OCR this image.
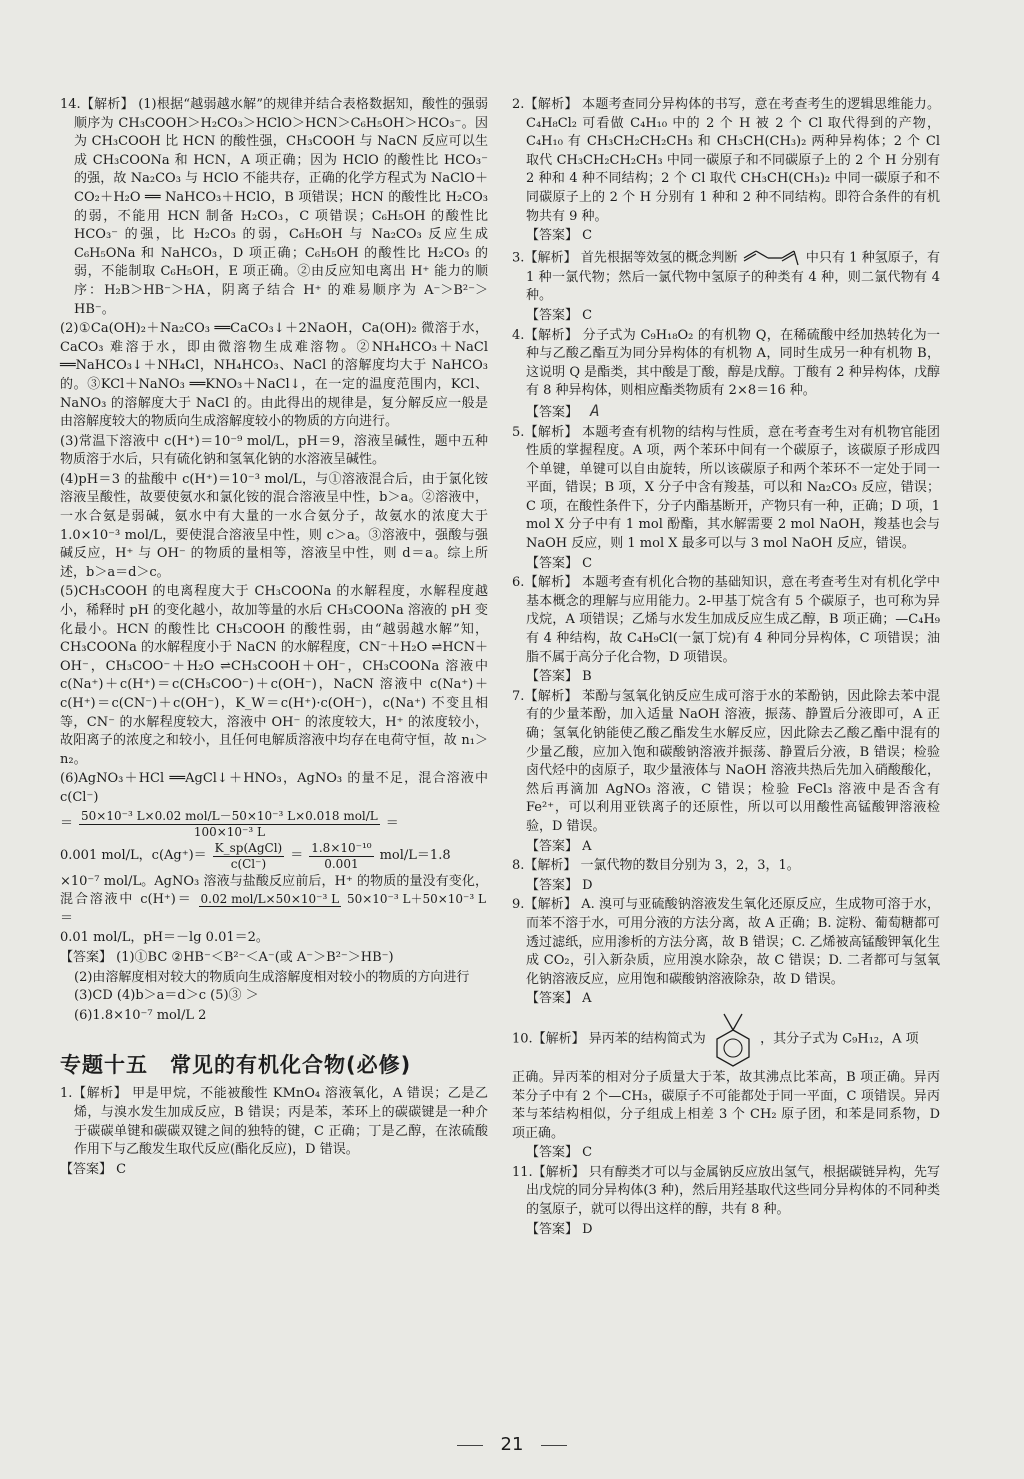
14.【解析】 (1)根据“越弱越水解”的规律并结合表格数据知，酸性的强弱顺序为 CH₃COOH＞H₂CO₃＞HClO＞HCN＞C₆H₅OH＞HCO₃⁻。因为 CH₃COOH 比 HCN 的酸性强，CH₃COOH 与 NaCN 反应可以生成 CH₃COONa 和 HCN，A 项正确；因为 HClO 的酸性比 HCO₃⁻ 的强，故 Na₂CO₃ 与 HClO 不能共存，正确的化学方程式为 NaClO＋CO₂＋H₂O ══ NaHCO₃＋HClO，B 项错误；HCN 的酸性比 H₂CO₃ 的弱，不能用 HCN 制备 H₂CO₃，C 项错误；C₆H₅OH 的酸性比 HCO₃⁻ 的强，比 H₂CO₃ 的弱，C₆H₅OH 与 Na₂CO₃ 反应生成 C₆H₅ONa 和 NaHCO₃，D 项正确；C₆H₅OH 的酸性比 H₂CO₃ 的弱，不能制取 C₆H₅OH，E 项正确。②由反应知电离出 H⁺ 能力的顺序：H₂B＞HB⁻＞HA，阴离子结合 H⁺ 的难易顺序为 A⁻＞B²⁻＞HB⁻。
(2)①Ca(OH)₂＋Na₂CO₃ ══CaCO₃↓＋2NaOH，Ca(OH)₂ 微溶于水，CaCO₃ 难溶于水，即由微溶物生成难溶物。②NH₄HCO₃＋NaCl ══NaHCO₃↓＋NH₄Cl，NH₄HCO₃、NaCl 的溶解度均大于 NaHCO₃ 的。③KCl＋NaNO₃ ══KNO₃＋NaCl↓，在一定的温度范围内，KCl、NaNO₃ 的溶解度大于 NaCl 的。由此得出的规律是，复分解反应一般是由溶解度较大的物质向生成溶解度较小的物质的方向进行。
(3)常温下溶液中 c(H⁺)＝10⁻⁹ mol/L，pH＝9，溶液呈碱性，题中五种物质溶于水后，只有硫化钠和氢氧化钠的水溶液呈碱性。
(4)pH＝3 的盐酸中 c(H⁺)＝10⁻³ mol/L，与①溶液混合后，由于氯化铵溶液呈酸性，故要使氨水和氯化铵的混合溶液呈中性，b＞a。②溶液中，一水合氨是弱碱，氨水中有大量的一水合氨分子，故氨水的浓度大于 1.0×10⁻³ mol/L，要使混合溶液呈中性，则 c＞a。③溶液中，强酸与强碱反应，H⁺ 与 OH⁻ 的物质的量相等，溶液呈中性，则 d＝a。综上所述，b＞a＝d＞c。
(5)CH₃COOH 的电离程度大于 CH₃COONa 的水解程度，水解程度越小，稀释时 pH 的变化越小，故加等量的水后 CH₃COONa 溶液的 pH 变化最小。HCN 的酸性比 CH₃COOH 的酸性弱，由“越弱越水解”知，CH₃COONa 的水解程度小于 NaCN 的水解程度，CN⁻＋H₂O ⇌HCN＋OH⁻，CH₃COO⁻＋H₂O ⇌CH₃COOH＋OH⁻，CH₃COONa 溶液中 c(Na⁺)＋c(H⁺)＝c(CH₃COO⁻)＋c(OH⁻)，NaCN 溶液中 c(Na⁺)＋c(H⁺)＝c(CN⁻)＋c(OH⁻)，K_W＝c(H⁺)·c(OH⁻)，c(Na⁺) 不变且相等，CN⁻ 的水解程度较大，溶液中 OH⁻ 的浓度较大，H⁺ 的浓度较小，故阳离子的浓度之和较小，且任何电解质溶液中均存在电荷守恒，故 n₁＞n₂。
(6)AgNO₃＋HCl ══AgCl↓＋HNO₃，AgNO₃ 的量不足，混合溶液中 c(Cl⁻)
＝ $\frac{\text{50×10⁻³ L×0.02 mol/L－50×10⁻³ L×0.018 mol/L}}{\text{100×10⁻³ L}}$ ＝
0.001 mol/L，$c(Ag^+)= \frac{\text{K\_sp(AgCl)}}{c(Cl^-)} = \frac{\text{1.8×10⁻¹⁰}}{0.001} mol/L=1.8$
×10⁻⁷ mol/L。AgNO₃ 溶液与盐酸反应前后，H⁺ 的物质的量没有变化，混合溶液中 c(H⁺)＝ 0.02 mol/L×50×10⁻³ L 50×10⁻³ L＋50×10⁻³ L ＝
0.01 mol/L，pH＝－lg 0.01＝2。
【答案】 (1)①BC ②HB⁻＜B²⁻＜A⁻(或 A⁻＞B²⁻＞HB⁻)
(2)由溶解度相对较大的物质向生成溶解度相对较小的物质的方向进行 (3)CD (4)b＞a＝d＞c (5)③ ＞
(6)1.8×10⁻⁷ mol/L 2
专题十五　常见的有机化合物(必修)
1.【解析】 甲是甲烷，不能被酸性 KMnO₄ 溶液氧化，A 错误；乙是乙烯，与溴水发生加成反应，B 错误；丙是苯，苯环上的碳碳键是一种介于碳碳单键和碳碳双键之间的独特的键，C 正确；丁是乙醇，在浓硫酸作用下与乙酸发生取代反应(酯化反应)，D 错误。
【答案】 C
2.【解析】 本题考查同分异构体的书写，意在考查考生的逻辑思维能力。C₄H₈Cl₂ 可看做 C₄H₁₀ 中的 2 个 H 被 2 个 Cl 取代得到的产物，C₄H₁₀ 有 CH₃CH₂CH₂CH₃ 和 CH₃CH(CH₃)₂ 两种异构体；2 个 Cl 取代 CH₃CH₂CH₂CH₃ 中同一碳原子和不同碳原子上的 2 个 H 分别有 2 种和 4 种不同结构；2 个 Cl 取代 CH₃CH(CH₃)₂ 中同一碳原子和不同碳原子上的 2 个 H 分别有 1 种和 2 种不同结构。即符合条件的有机物共有 9 种。
【答案】 C
3.【解析】 首先根据等效氢的概念判断	中只有 1 种氢原子，有 1 种一氯代物；然后一氯代物中氢原子的种类有 4 种，则二氯代物有 4 种。
【答案】 C
4.【解析】 分子式为 C₉H₁₈O₂ 的有机物 Q，在稀硫酸中经加热转化为一种与乙酸乙酯互为同分异构体的有机物 A，同时生成另一种有机物 B，这说明 Q 是酯类，其中酸是丁酸，醇是戊醇。丁酸有 2 种异构体，戊醇有 8 种异构体，则相应酯类物质有 2×8＝16 种。
【答案】 A
5.【解析】 本题考查有机物的结构与性质，意在考查考生对有机物官能团性质的掌握程度。A 项，两个苯环中间有一个碳原子，该碳原子形成四个单键，单键可以自由旋转，所以该碳原子和两个苯环不一定处于同一平面，错误；B 项，X 分子中含有羧基，可以和 Na₂CO₃ 反应，错误；C 项，在酸性条件下，分子内酯基断开，产物只有一种，正确；D 项，1 mol X 分子中有 1 mol 酚酯，其水解需要 2 mol NaOH，羧基也会与 NaOH 反应，则 1 mol X 最多可以与 3 mol NaOH 反应，错误。
【答案】 C
6.【解析】 本题考查有机化合物的基础知识，意在考查考生对有机化学中基本概念的理解与应用能力。2-甲基丁烷含有 5 个碳原子，也可称为异戊烷，A 项错误；乙烯与水发生加成反应生成乙醇，B 项正确；—C₄H₉ 有 4 种结构，故 C₄H₉Cl(一氯丁烷)有 4 种同分异构体，C 项错误；油脂不属于高分子化合物，D 项错误。
【答案】 B
7.【解析】 苯酚与氢氧化钠反应生成可溶于水的苯酚钠，因此除去苯中混有的少量苯酚，加入适量 NaOH 溶液，振荡、静置后分液即可，A 正确；氢氧化钠能使乙酸乙酯发生水解反应，因此除去乙酸乙酯中混有的少量乙酸，应加入饱和碳酸钠溶液并振荡、静置后分液，B 错误；检验卤代烃中的卤原子，取少量液体与 NaOH 溶液共热后先加入硝酸酸化，然后再滴加 AgNO₃ 溶液，C 错误；检验 FeCl₃ 溶液中是否含有 Fe²⁺，可以利用亚铁离子的还原性，所以可以用酸性高锰酸钾溶液检验，D 错误。
【答案】 A
8.【解析】 一氯代物的数目分别为 3，2，3，1。
【答案】 D
9.【解析】 A. 溴可与亚硫酸钠溶液发生氧化还原反应，生成物可溶于水，而苯不溶于水，可用分液的方法分离，故 A 正确；B. 淀粉、葡萄糖都可透过滤纸，应用渗析的方法分离，故 B 错误；C. 乙烯被高锰酸钾氧化生成 CO₂，引入新杂质，应用溴水除杂，故 C 错误；D. 二者都可与氢氧化钠溶液反应，应用饱和碳酸钠溶液除杂，故 D 错误。
【答案】 A
10.【解析】 异丙苯的结构简式为	，其分子式为 C₉H₁₂，A 项
正确。异丙苯的相对分子质量大于苯，故其沸点比苯高，B 项正确。异丙苯分子中有 2 个—CH₃，碳原子不可能都处于同一平面，C 项错误。异丙苯与苯结构相似，分子组成上相差 3 个 CH₂ 原子团，和苯是同系物，D 项正确。
【答案】 C
11.【解析】 只有醇类才可以与金属钠反应放出氢气，根据碳链异构，先写出戊烷的同分异构体(3 种)，然后用羟基取代这些同分异构体的不同种类的氢原子，就可以得出这样的醇，共有 8 种。
【答案】 D
21
